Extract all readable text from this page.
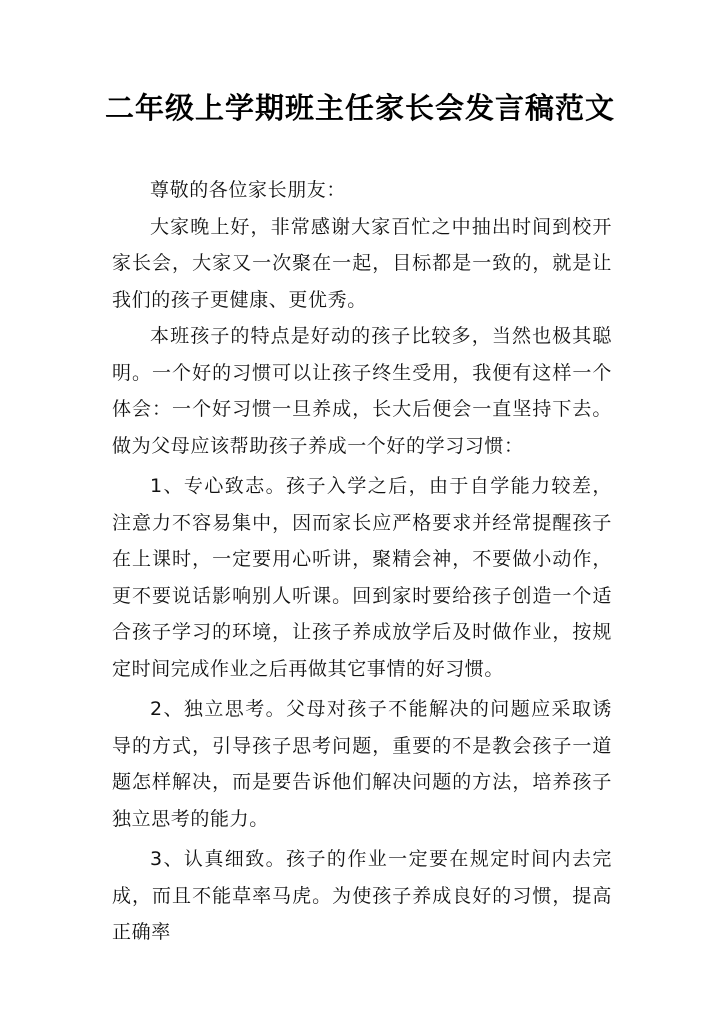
二年级上学期班主任家长会发言稿范文

尊敬的各位家长朋友：

大家晚上好，非常感谢大家百忙之中抽出时间到校开家长会，大家又一次聚在一起，目标都是一致的，就是让我们的孩子更健康、更优秀。

本班孩子的特点是好动的孩子比较多，当然也极其聪明。一个好的习惯可以让孩子终生受用，我便有这样一个体会：一个好习惯一旦养成，长大后便会一直坚持下去。做为父母应该帮助孩子养成一个好的学习习惯：

1、专心致志。孩子入学之后，由于自学能力较差，注意力不容易集中，因而家长应严格要求并经常提醒孩子在上课时，一定要用心听讲，聚精会神，不要做小动作，更不要说话影响别人听课。回到家时要给孩子创造一个适合孩子学习的环境，让孩子养成放学后及时做作业，按规定时间完成作业之后再做其它事情的好习惯。

2、独立思考。父母对孩子不能解决的问题应采取诱导的方式，引导孩子思考问题，重要的不是教会孩子一道题怎样解决，而是要告诉他们解决问题的方法，培养孩子独立思考的能力。

3、认真细致。孩子的作业一定要在规定时间内去完成，而且不能草率马虎。为使孩子养成良好的习惯，提高正确率
